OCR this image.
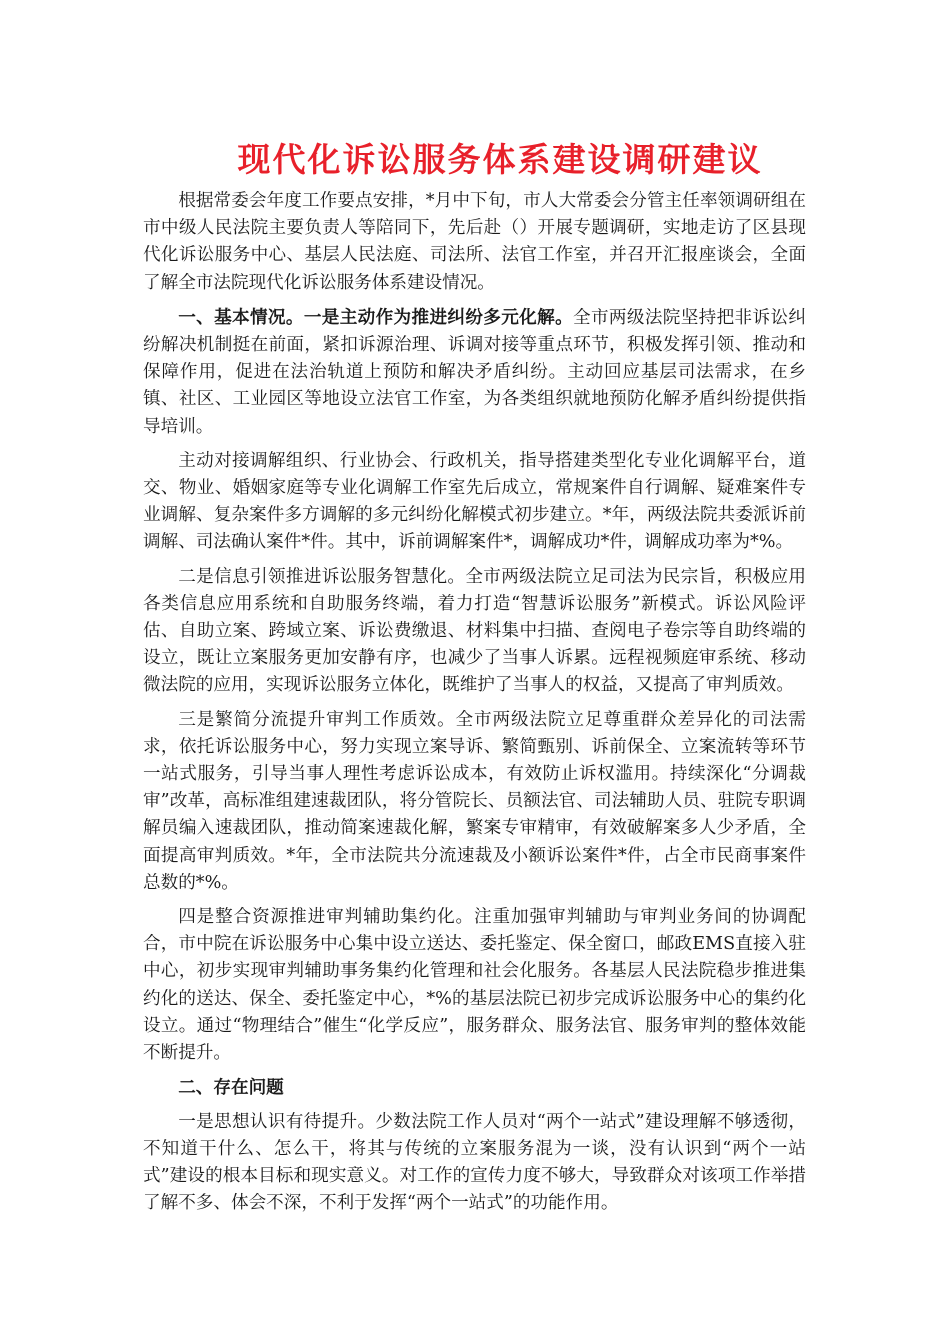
现代化诉讼服务体系建设调研建议

根据常委会年度工作要点安排，*月中下旬，市人大常委会分管主任率领调研组在市中级人民法院主要负责人等陪同下，先后赴（）开展专题调研，实地走访了区县现代化诉讼服务中心、基层人民法庭、司法所、法官工作室，并召开汇报座谈会，全面了解全市法院现代化诉讼服务体系建设情况。

一、基本情况。一是主动作为推进纠纷多元化解。全市两级法院坚持把非诉讼纠纷解决机制挺在前面，紧扣诉源治理、诉调对接等重点环节，积极发挥引领、推动和保障作用，促进在法治轨道上预防和解决矛盾纠纷。主动回应基层司法需求，在乡镇、社区、工业园区等地设立法官工作室，为各类组织就地预防化解矛盾纠纷提供指导培训。

主动对接调解组织、行业协会、行政机关，指导搭建类型化专业化调解平台，道交、物业、婚姻家庭等专业化调解工作室先后成立，常规案件自行调解、疑难案件专业调解、复杂案件多方调解的多元纠纷化解模式初步建立。*年，两级法院共委派诉前调解、司法确认案件*件。其中，诉前调解案件*，调解成功*件，调解成功率为*%。

二是信息引领推进诉讼服务智慧化。全市两级法院立足司法为民宗旨，积极应用各类信息应用系统和自助服务终端，着力打造“智慧诉讼服务”新模式。诉讼风险评估、自助立案、跨域立案、诉讼费缴退、材料集中扫描、查阅电子卷宗等自助终端的设立，既让立案服务更加安静有序，也减少了当事人诉累。远程视频庭审系统、移动微法院的应用，实现诉讼服务立体化，既维护了当事人的权益，又提高了审判质效。

三是繁简分流提升审判工作质效。全市两级法院立足尊重群众差异化的司法需求，依托诉讼服务中心，努力实现立案导诉、繁简甄别、诉前保全、立案流转等环节一站式服务，引导当事人理性考虑诉讼成本，有效防止诉权滥用。持续深化“分调裁审”改革，高标准组建速裁团队，将分管院长、员额法官、司法辅助人员、驻院专职调解员编入速裁团队，推动简案速裁化解，繁案专审精审，有效破解案多人少矛盾，全面提高审判质效。*年，全市法院共分流速裁及小额诉讼案件*件，占全市民商事案件总数的*%。

四是整合资源推进审判辅助集约化。注重加强审判辅助与审判业务间的协调配合，市中院在诉讼服务中心集中设立送达、委托鉴定、保全窗口，邮政EMS直接入驻中心，初步实现审判辅助事务集约化管理和社会化服务。各基层人民法院稳步推进集约化的送达、保全、委托鉴定中心，*%的基层法院已初步完成诉讼服务中心的集约化设立。通过“物理结合”催生“化学反应”，服务群众、服务法官、服务审判的整体效能不断提升。

二、存在问题

一是思想认识有待提升。少数法院工作人员对“两个一站式”建设理解不够透彻，不知道干什么、怎么干，将其与传统的立案服务混为一谈，没有认识到“两个一站式”建设的根本目标和现实意义。对工作的宣传力度不够大，导致群众对该项工作举措了解不多、体会不深，不利于发挥“两个一站式”的功能作用。
